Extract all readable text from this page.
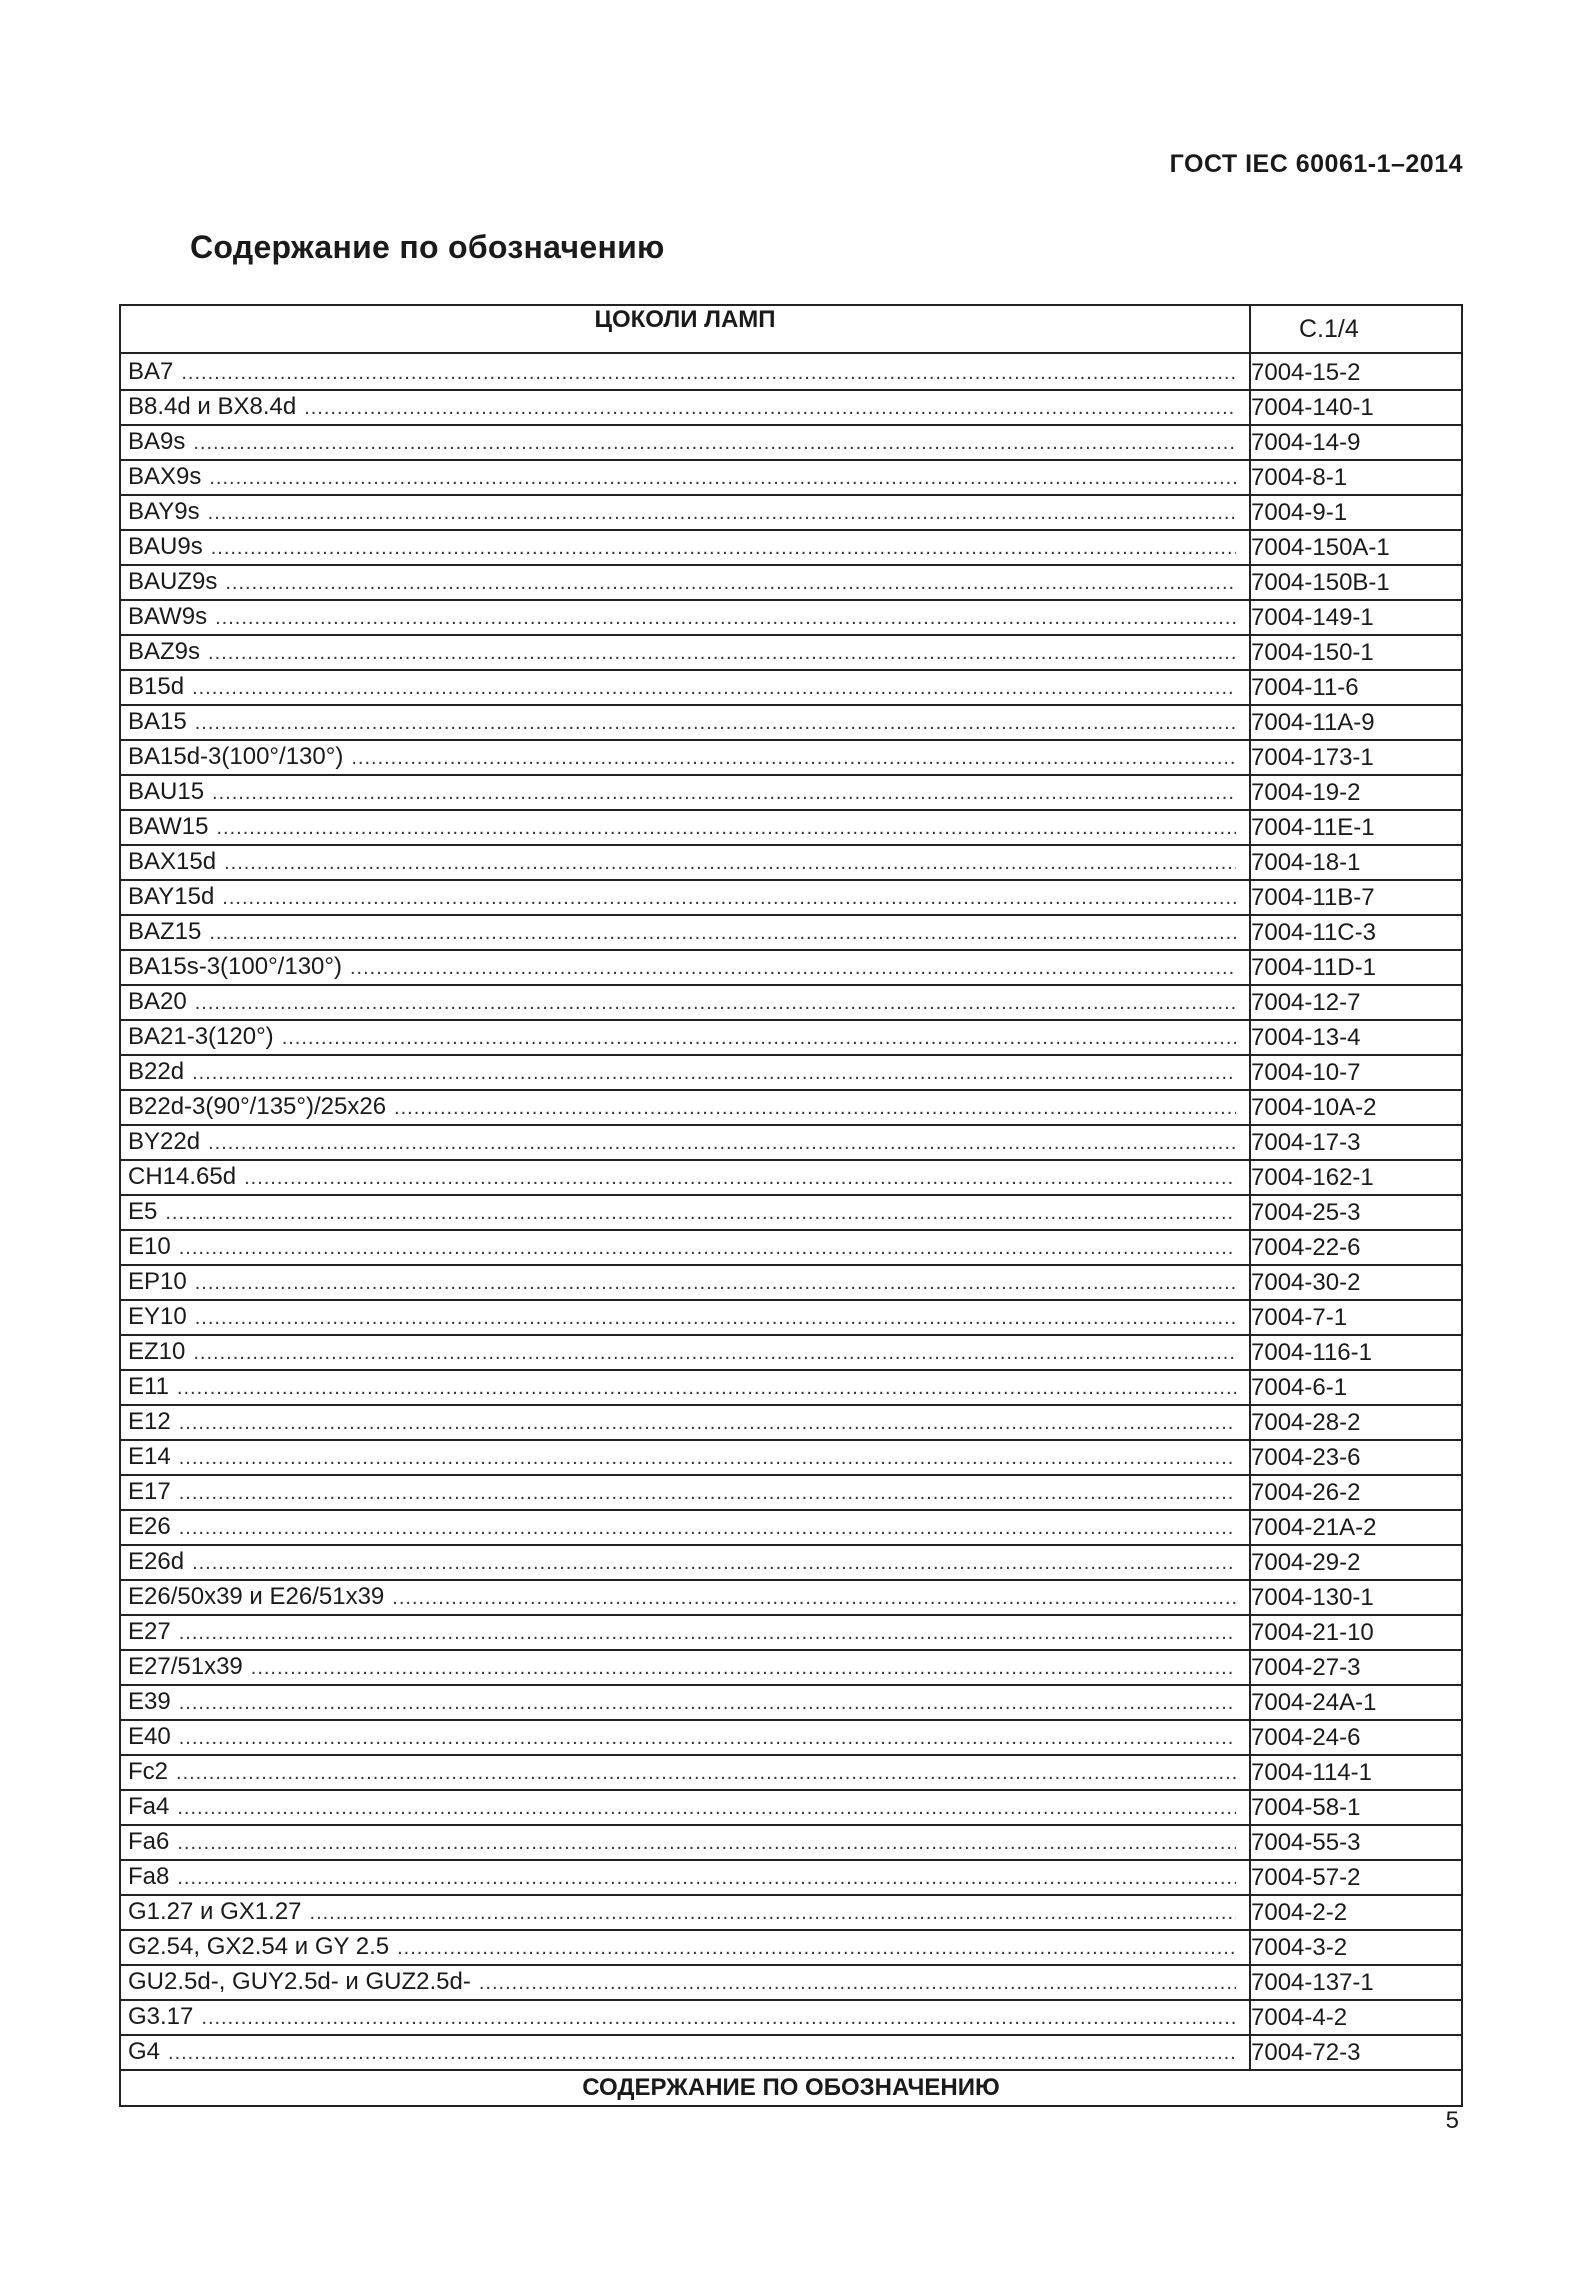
ГОСТ IEC 60061-1–2014
Содержание по обозначению
ЦОКОЛИ ЛАМП	С.1/4

BA7
.....	7004-15-2

B8.4d и BX8.4d
.....	7004-140-1

BA9s
.....	7004-14-9

BAX9s
.....	7004-8-1

BAY9s
.....	7004-9-1

BAU9s
.....	7004-150A-1

BAUZ9s
.....	7004-150B-1

BAW9s
.....	7004-149-1

BAZ9s
.....	7004-150-1

B15d
.....	7004-11-6

BA15
.....	7004-11A-9

BA15d-3(100°/130°)
.....	7004-173-1

BAU15
.....	7004-19-2

BAW15
.....	7004-11E-1

BAX15d
.....	7004-18-1

BAY15d
.....	7004-11B-7

BAZ15
.....	7004-11C-3

BA15s-3(100°/130°)
.....	7004-11D-1

BA20
.....	7004-12-7

BA21-3(120°)
.....	7004-13-4

B22d
.....	7004-10-7

B22d-3(90°/135°)/25x26
.....	7004-10A-2

BY22d
.....	7004-17-3

CH14.65d
.....	7004-162-1

E5
.....	7004-25-3

E10
.....	7004-22-6

EP10
.....	7004-30-2

EY10
.....	7004-7-1

EZ10
.....	7004-116-1

E11
.....	7004-6-1

E12
.....	7004-28-2

E14
.....	7004-23-6

E17
.....	7004-26-2

E26
.....	7004-21A-2

E26d
.....	7004-29-2

E26/50x39 и E26/51x39
.....	7004-130-1

E27
.....	7004-21-10

E27/51x39
.....	7004-27-3

E39
.....	7004-24A-1

E40
.....	7004-24-6

Fc2
.....	7004-114-1

Fa4
.....	7004-58-1

Fa6
.....	7004-55-3

Fa8
.....	7004-57-2

G1.27 и GX1.27
.....	7004-2-2

G2.54, GX2.54 и GY 2.5
.....	7004-3-2

GU2.5d-, GUY2.5d- и GUZ2.5d-
.....	7004-137-1

G3.17
.....	7004-4-2

G4
.....	7004-72-3
СОДЕРЖАНИЕ ПО ОБОЗНАЧЕНИЮ	
5
